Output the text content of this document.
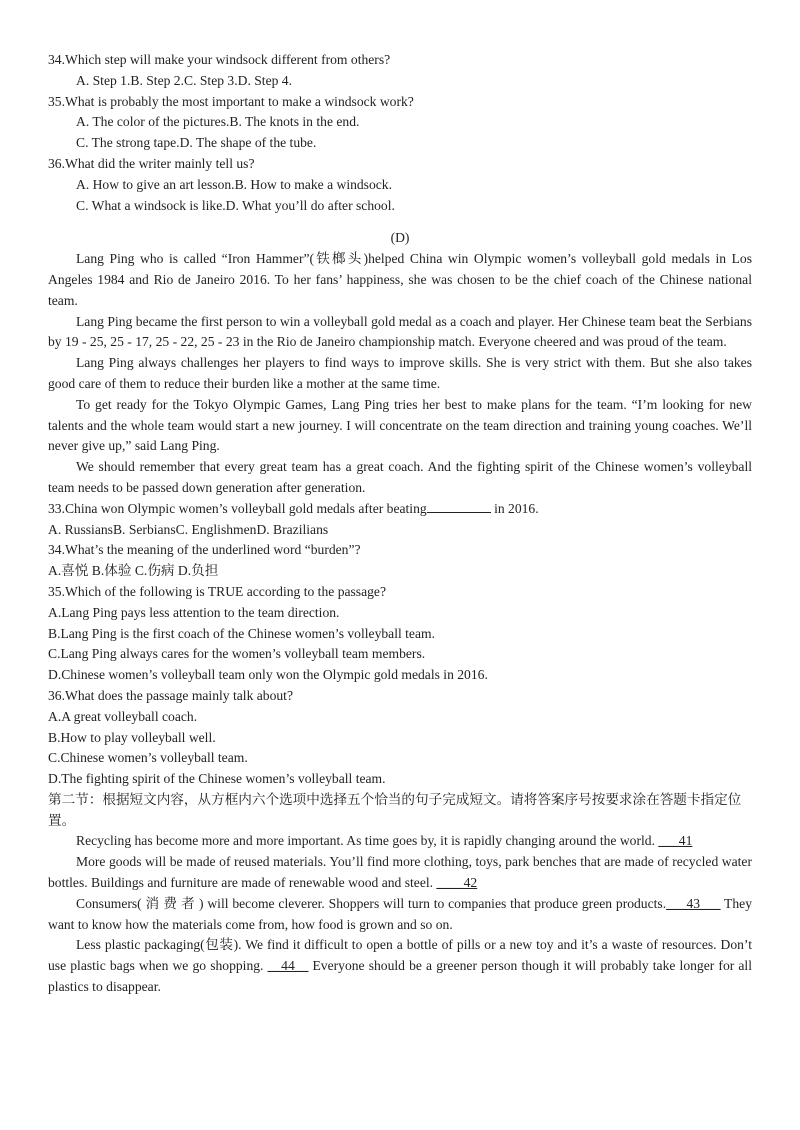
34.Which step will make your windsock different from others?

A. Step 1.B. Step 2.C. Step 3.D. Step 4.

35.What is probably the most important to make a windsock work?

A. The color of the pictures.B. The knots in the end.

C. The strong tape.D. The shape of the tube.

36.What did the writer mainly tell us?

A. How to give an art lesson.B. How to make a windsock.

C. What a windsock is like.D. What you’ll do after school.

(D)

Lang Ping who is called “Iron Hammer”(铁榔头)helped China win Olympic women’s volleyball gold medals in Los Angeles 1984 and Rio de Janeiro 2016. To her fans’ happiness, she was chosen to be the chief coach of the Chinese national team.

Lang Ping became the first person to win a volleyball gold medal as a coach and player. Her Chinese team beat the Serbians by 19 - 25, 25 - 17, 25 - 22, 25 - 23 in the Rio de Janeiro championship match. Everyone cheered and was proud of the team.

Lang Ping always challenges her players to find ways to improve skills. She is very strict with them. But she also takes good care of them to reduce their burden like a mother at the same time.

To get ready for the Tokyo Olympic Games, Lang Ping tries her best to make plans for the team. “I’m looking for new talents and the whole team would start a new journey. I will concentrate on the team direction and training young coaches. We’ll never give up,” said Lang Ping.

We should remember that every great team has a great coach. And the fighting spirit of the Chinese women’s volleyball team needs to be passed down generation after generation.

33.China won Olympic women’s volleyball gold medals after beating	in 2016.

A. RussiansB. SerbiansC. EnglishmenD. Brazilians

34.What’s the meaning of the underlined word “burden”?

A.喜悦 B.体验 C.伤病 D.负担

35.Which of the following is TRUE according to the passage?

A.Lang Ping pays less attention to the team direction.

B.Lang Ping is the first coach of the Chinese women’s volleyball team.

C.Lang Ping always cares for the women’s volleyball team members.

D.Chinese women’s volleyball team only won the Olympic gold medals in 2016.

36.What does the passage mainly talk about?

A.A great volleyball coach.

B.How to play volleyball well.

C.Chinese women’s volleyball team.

D.The fighting spirit of the Chinese women’s volleyball team.

第二节：根据短文内容，从方框内六个选项中选择五个恰当的句子完成短文。请将答案序号按要求涂在答题卡指定位置。

Recycling has become more and more important. As time goes by, it is rapidly changing around the world. ___41

More goods will be made of reused materials. You’ll find more clothing, toys, park benches that are made of recycled water bottles. Buildings and furniture are made of renewable wood and steel. ____42

Consumers( 消 费 者 ) will become cleverer. Shoppers will turn to companies that produce green products.___43___ They want to know how the materials come from, how food is grown and so on.

Less plastic packaging(包装). We find it difficult to open a bottle of pills or a new toy and it’s a waste of resources. Don’t use plastic bags when we go shopping. __44__ Everyone should be a greener person though it will probably take longer for all plastics to disappear.
